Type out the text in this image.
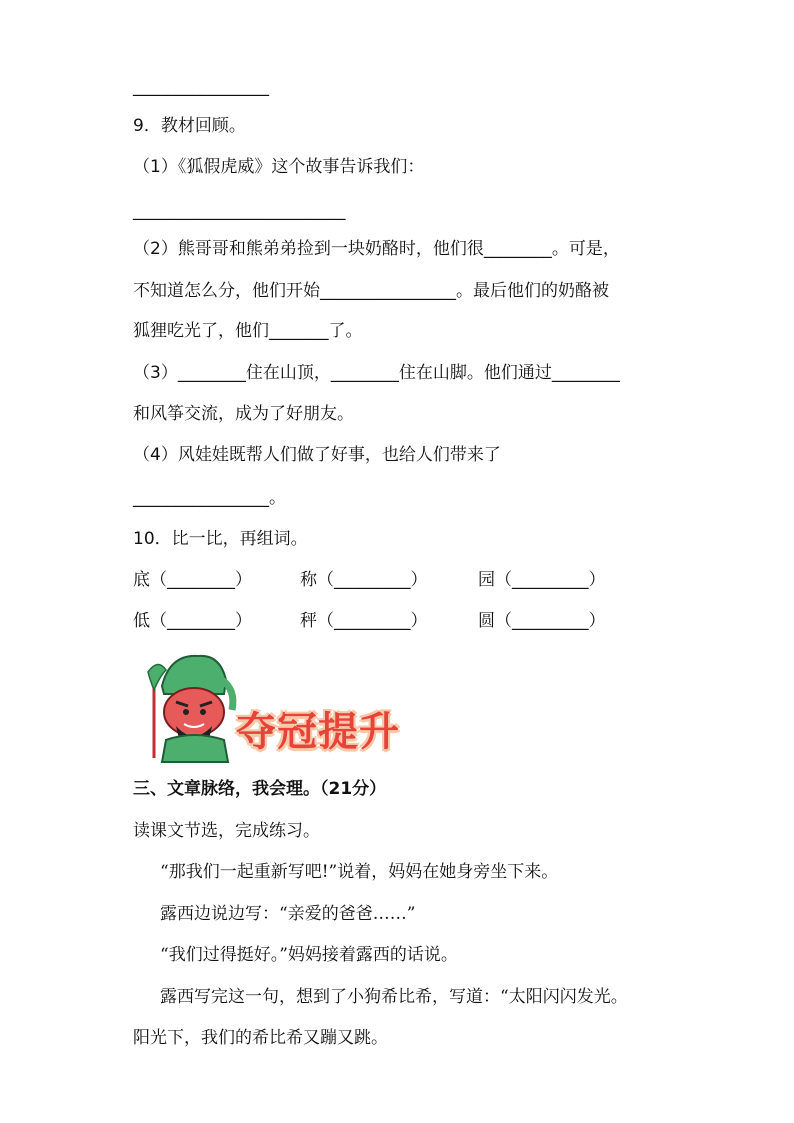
________________
9．教材回顾。
（1）《狐假虎威》这个故事告诉我们：
_________________________
（2）熊哥哥和熊弟弟捡到一块奶酪时，他们很________。可是，
不知道怎么分，他们开始________________。最后他们的奶酪被
狐狸吃光了，他们_______了。
（3）________住在山顶，________住在山脚。他们通过________
和风筝交流，成为了好朋友。
（4）风娃娃既帮人们做了好事，也给人们带来了
________________。
10．比一比，再组词。
底（________）	称（_________）	园（_________）
低（________）	秤（_________）	圆（_________）
夺冠提升
三、文章脉络，我会理。（21分）
读课文节选，完成练习。
“那我们一起重新写吧!”说着，妈妈在她身旁坐下来。
露西边说边写：“亲爱的爸爸……”
“我们过得挺好。”妈妈接着露西的话说。
露西写完这一句，想到了小狗希比希，写道：“太阳闪闪发光。
阳光下，我们的希比希又蹦又跳。
